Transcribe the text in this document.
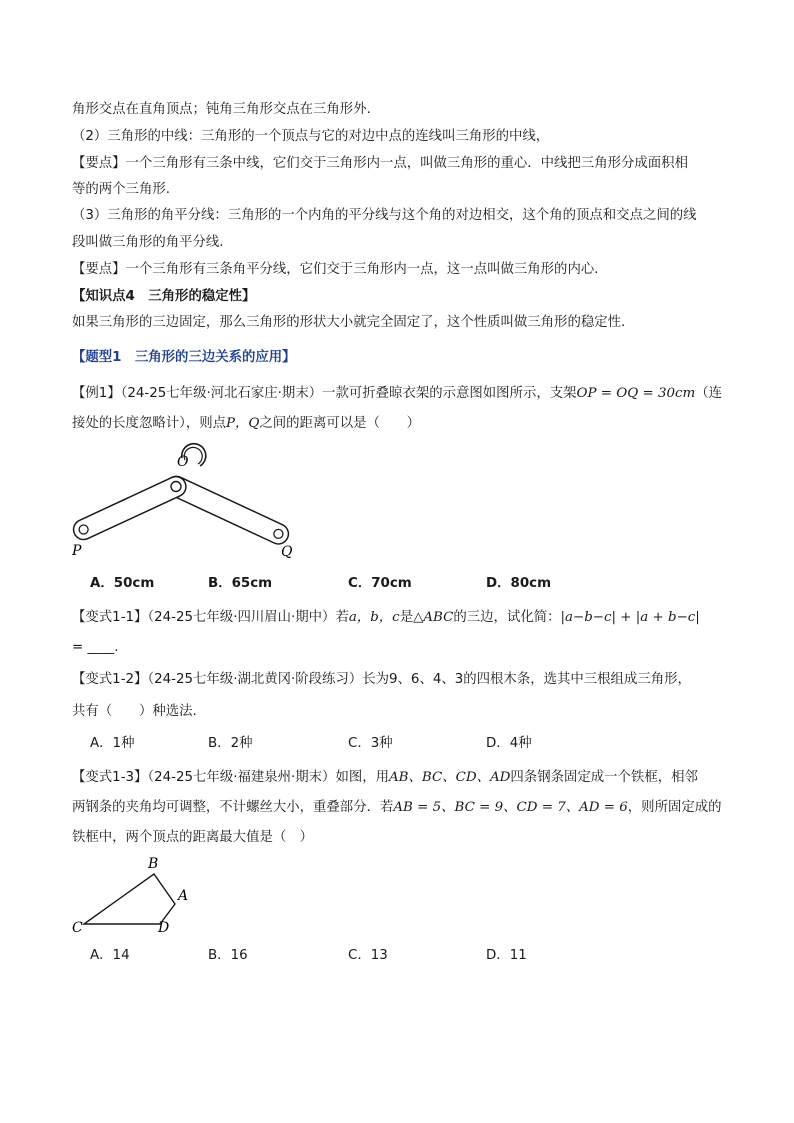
角形交点在直角顶点；钝角三角形交点在三角形外.
（2）三角形的中线：三角形的一个顶点与它的对边中点的连线叫三角形的中线，
【要点】一个三角形有三条中线，它们交于三角形内一点，叫做三角形的重心．中线把三角形分成面积相
等的两个三角形.
（3）三角形的角平分线：三角形的一个内角的平分线与这个角的对边相交，这个角的顶点和交点之间的线
段叫做三角形的角平分线.
【要点】一个三角形有三条角平分线，它们交于三角形内一点，这一点叫做三角形的内心.
【知识点4　三角形的稳定性】
如果三角形的三边固定，那么三角形的形状大小就完全固定了，这个性质叫做三角形的稳定性.
【题型1　三角形的三边关系的应用】
【例1】（24-25七年级·河北石家庄·期末）一款可折叠晾衣架的示意图如图所示，支架OP = OQ = 30cm（连
接处的长度忽略计），则点P，Q之间的距离可以是（　　）
O
P	Q
A．50cm	B．65cm	C．70cm	D．80cm
【变式1-1】（24-25七年级·四川眉山·期中）若a，b，c是△ABC的三边，试化简：|a−b−c| + |a + b−c|
= ____.
【变式1-2】（24-25七年级·湖北黄冈·阶段练习）长为9、6、4、3的四根木条，选其中三根组成三角形，
共有（　　）种选法.
A．1种	B．2种	C．3种	D．4种
【变式1-3】（24-25七年级·福建泉州·期末）如图，用AB、BC、CD、AD四条钢条固定成一个铁框，相邻
两钢条的夹角均可调整，不计螺丝大小，重叠部分．若AB = 5、BC = 9、CD = 7、AD = 6，则所固定成的
铁框中，两个顶点的距离最大值是（　）
B
A
C	D
A．14	B．16	C．13	D．11
